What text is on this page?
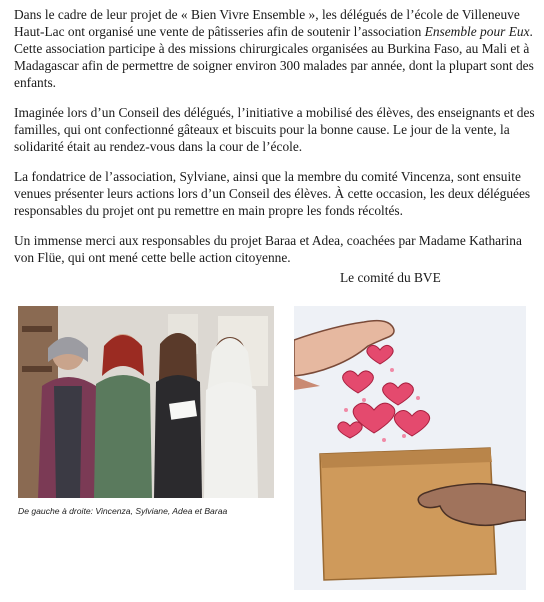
Dans le cadre de leur projet de « Bien Vivre Ensemble », les délégués de l’école de Villeneuve Haut-Lac ont organisé une vente de pâtisseries afin de soutenir l’association Ensemble pour Eux. Cette association participe à des missions chirurgicales organisées au Burkina Faso, au Mali et à Madagascar afin de permettre de soigner environ 300 malades par année, dont la plupart sont des enfants.

Imaginée lors d’un Conseil des délégués, l’initiative a mobilisé des élèves, des enseignants et des familles, qui ont confectionné gâteaux et biscuits pour la bonne cause. Le jour de la vente, la solidarité était au rendez-vous dans la cour de l’école.

La fondatrice de l’association, Sylviane, ainsi que la membre du comité Vincenza, sont ensuite venues présenter leurs actions lors d’un Conseil des élèves. À cette occasion, les deux déléguées responsables du projet ont pu remettre en main propre les fonds récoltés.

Un immense merci aux responsables du projet Baraa et Adea, coachées par Madame Katharina von Flüe, qui ont mené cette belle action citoyenne.

Le comité du BVE
De gauche à droite: Vincenza, Sylviane, Adea et Baraa
